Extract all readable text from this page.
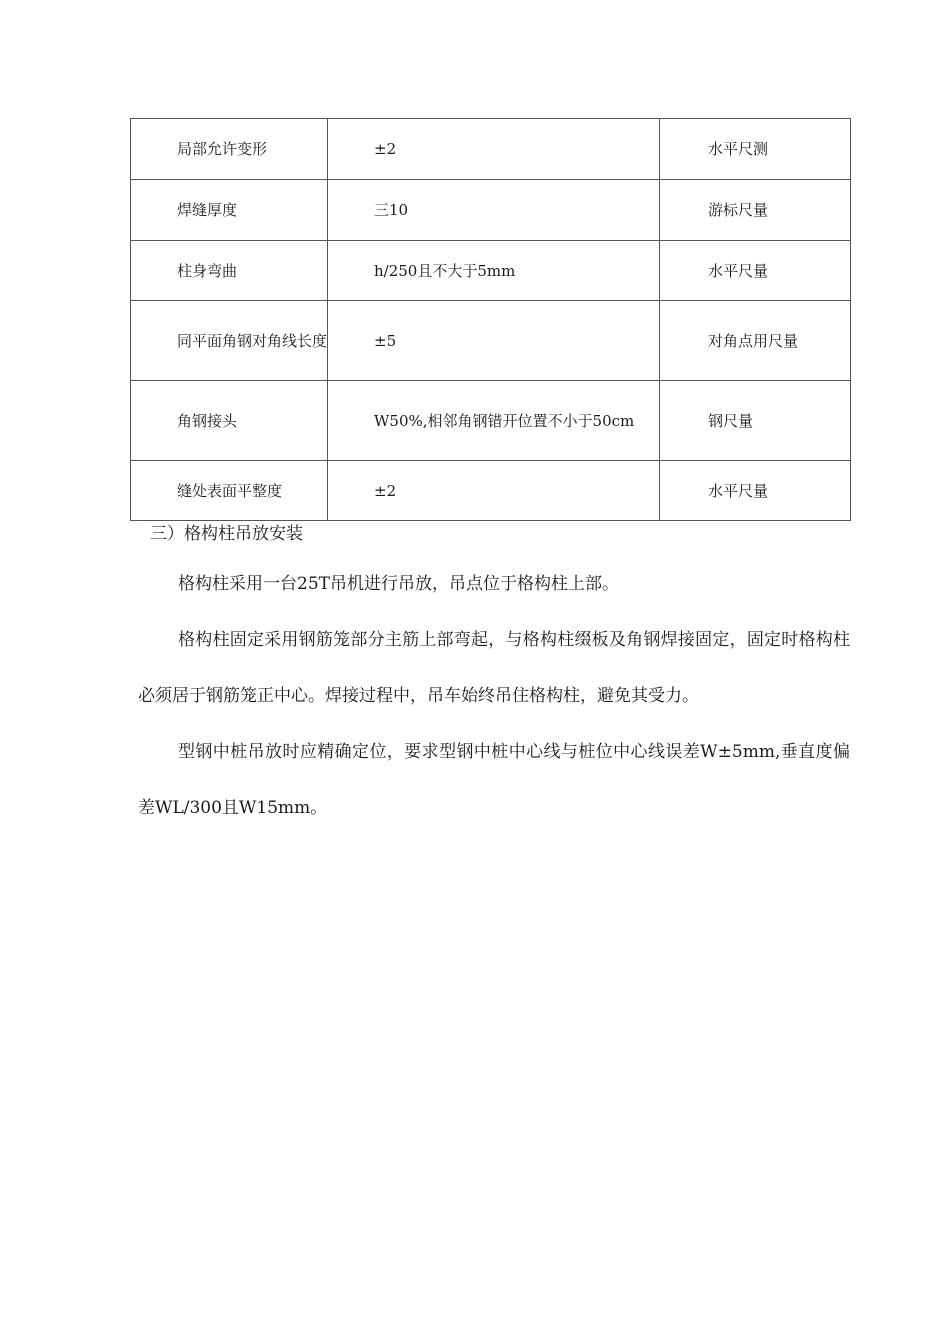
局部允许变形	±2	水平尺测

焊缝厚度	三10	游标尺量

柱身弯曲	h/250且不大于5mm	水平尺量

同平面角钢对角线长度	±5	对角点用尺量

角钢接头	W50%,相邻角钢错开位置不小于50cm	钢尺量

缝处表面平整度	±2	水平尺量
三）格构柱吊放安装

格构柱采用一台25T吊机进行吊放，吊点位于格构柱上部。

格构柱固定采用钢筋笼部分主筋上部弯起，与格构柱缀板及角钢焊接固定，固定时格构柱必须居于钢筋笼正中心。焊接过程中，吊车始终吊住格构柱，避免其受力。

型钢中桩吊放时应精确定位，要求型钢中桩中心线与桩位中心线误差W±5mm,垂直度偏差WL/300且W15mm。
